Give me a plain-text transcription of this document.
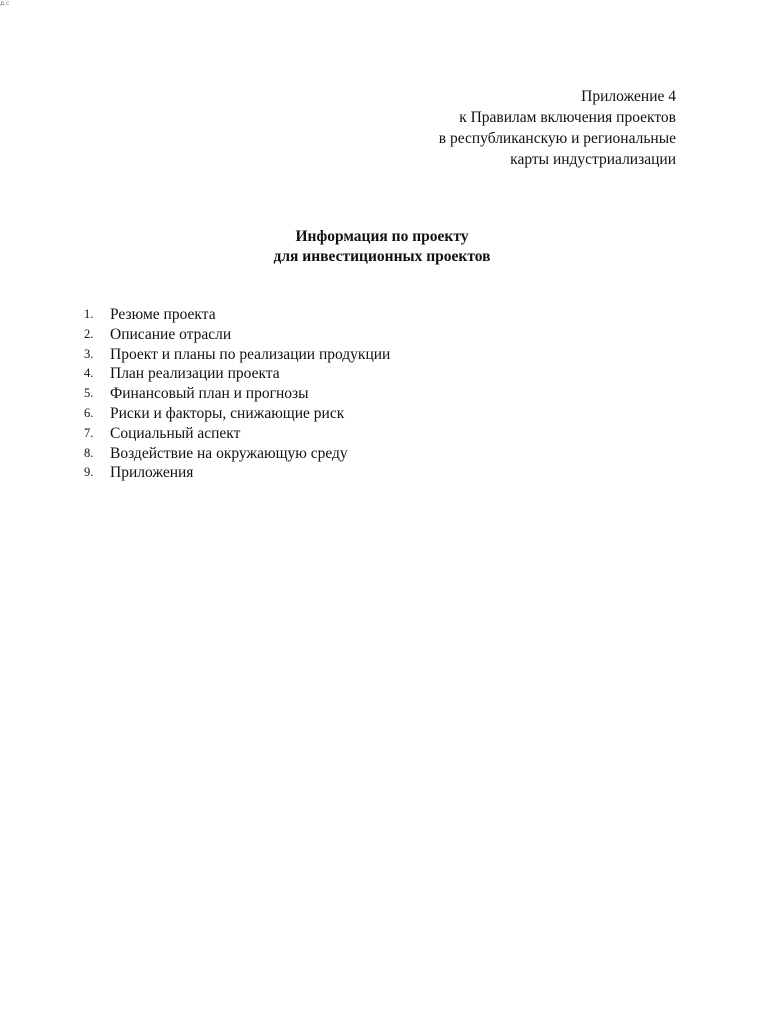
д.с
Приложение 4
к Правилам включения проектов
в республиканскую и региональные
карты индустриализации
Информация по проекту
для инвестиционных проектов
1. Резюме проекта
2. Описание отрасли
3. Проект и планы по реализации продукции
4. План реализации проекта
5. Финансовый план и прогнозы
6. Риски и факторы, снижающие риск
7. Социальный аспект
8. Воздействие на окружающую среду
9. Приложения
